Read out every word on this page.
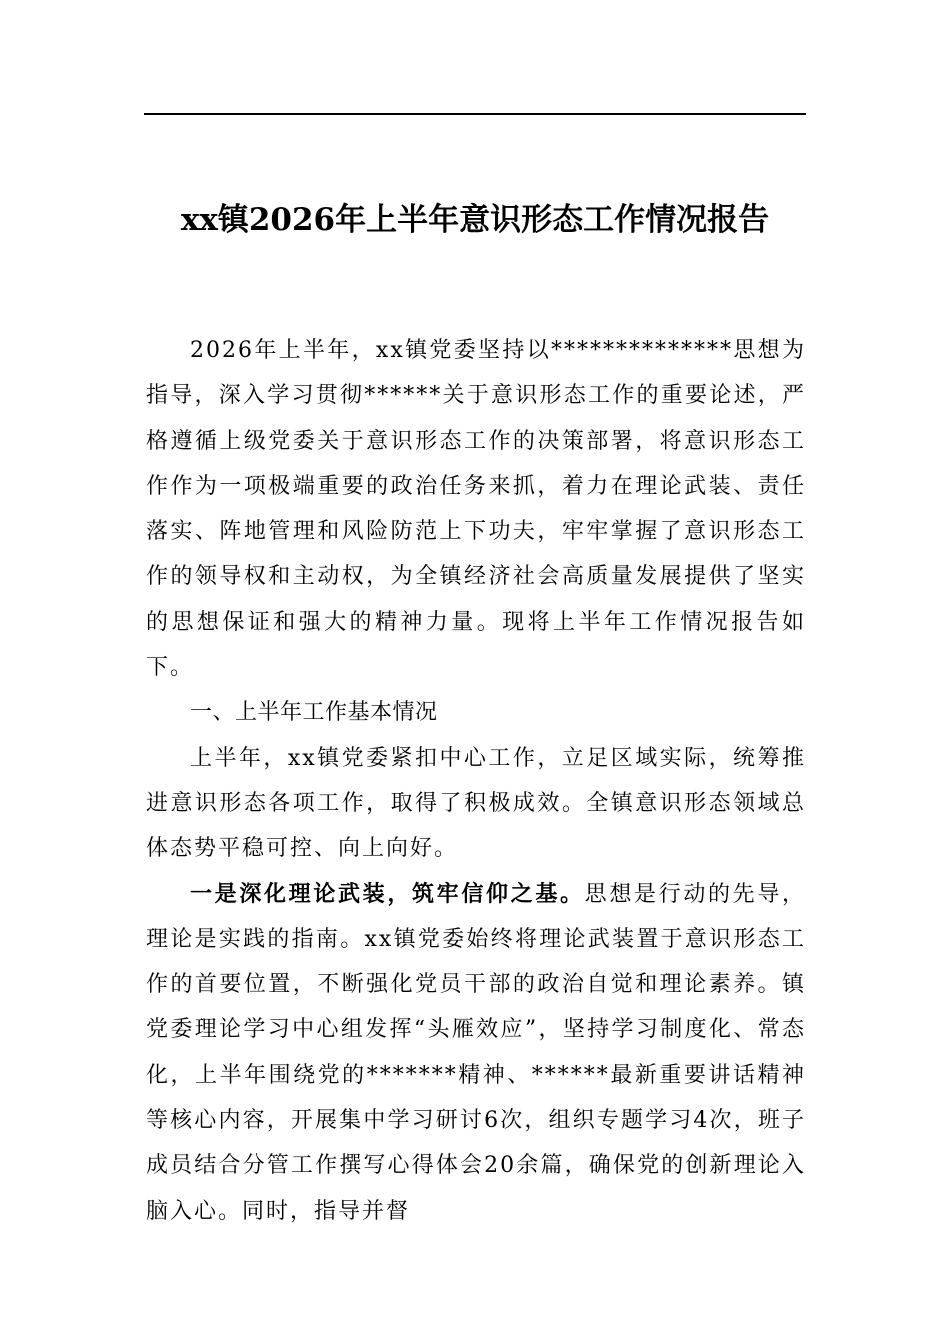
xx镇2026年上半年意识形态工作情况报告

2026年上半年，xx镇党委坚持以**************思想为指导，深入学习贯彻******关于意识形态工作的重要论述，严格遵循上级党委关于意识形态工作的决策部署，将意识形态工作作为一项极端重要的政治任务来抓，着力在理论武装、责任落实、阵地管理和风险防范上下功夫，牢牢掌握了意识形态工作的领导权和主动权，为全镇经济社会高质量发展提供了坚实的思想保证和强大的精神力量。现将上半年工作情况报告如下。

一、上半年工作基本情况

上半年，xx镇党委紧扣中心工作，立足区域实际，统筹推进意识形态各项工作，取得了积极成效。全镇意识形态领域总体态势平稳可控、向上向好。

一是深化理论武装，筑牢信仰之基。思想是行动的先导，理论是实践的指南。xx镇党委始终将理论武装置于意识形态工作的首要位置，不断强化党员干部的政治自觉和理论素养。镇党委理论学习中心组发挥“头雁效应”，坚持学习制度化、常态化，上半年围绕党的*******精神、******最新重要讲话精神等核心内容，开展集中学习研讨6次，组织专题学习4次，班子成员结合分管工作撰写心得体会20余篇，确保党的创新理论入脑入心。同时，指导并督
